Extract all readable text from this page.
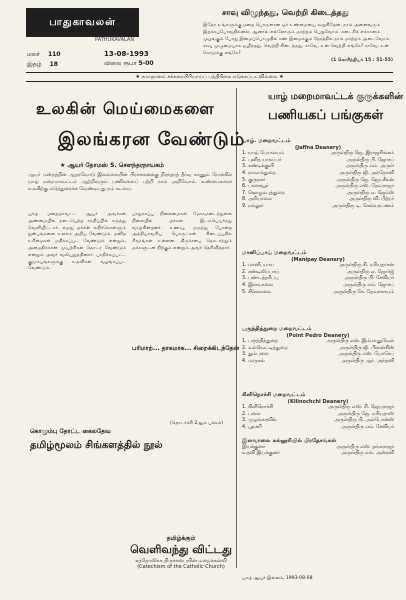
பாதுகாவலன்
PATHUKAVALAN
மலர் 110
இதழ் 18
13-08-1993
விலை ரூபா 5-00
சாவு விழுந்தது, வெற்றி கிடைத்தது
இதோ உங்களுக்கு மறை பொருளான ஓர் உண்மையை கூறுகிறேன். நாம் அனைவரும் இறக்கப்போவதில்லை. ஆனால் எல்லோரும் மாற்றம் பெறுவோம். கடைசிக் எக்காளம் முழங்கும் போது இமைப்பொழுதில் கண் இமைக்கும் நேரத்தில் நாம் மாற்றம் அடைவோம். சாவு முழுமையாக ஒழிந்தது. வெற்றி கிடைத்தது. சாவே, உன் வெற்றி எங்கே? சாவே, உன் கொடுக்கு எங்கே?
(1 கொரிந்தியர் 15 : 51-55)
★ சமாதானம் சக்கரைபிரியாய்ப் பத்திரிகை எடுக்கப்படவில்லை ★
உலகின் மெய்மைகளை
இலங்கரன வேண்டும்
★ ஆயர் தோமஸ் S. செளந்தரநாயகம்
ஆயர் மன்றத்தின் ஆதரவோடு இலங்கையின் பிரச்சனைக்கு நிரந்தரத் தீர்வு காணும் நோக்கில் யாழ் மறைமாவட்டம் ஆற்றிவரும் பணிகளைப் பற்றி நாம் அறிவோம். உண்மைகளை உலகிற்கு எடுத்துரைக்க வேண்டியது நம் கடமை.
யாழ் மறைமாவட்ட ஆயர் அவர்கள் அண்மையில் நடைபெற்ற சந்திப்பில் கருத்து வெளியிட்டார். எமது மக்கள் எதிர்கொள்ளும் துன்பங்களை உலகம் அறிய வேண்டும். மனித உரிமைகள் மதிக்கப்பட வேண்டும் என்றும், அமைதிக்கான முயற்சிகள் தொடர வேண்டும் என்றும் அவர் வலியுறுத்தினார். பாதிக்கப்பட்ட குடும்பங்களுக்கு உதவிகள் வழங்கப்பட வேண்டும்.
பாதுகாப்பு நிலைமைகள் மோசமடைந்துள்ள நிலையில் மக்கள் இடம்பெயர்ந்து வாழ்கின்றனர். உணவு, மருந்து போன்ற அத்தியாவசிய பொருட்கள் கிடைப்பதில் சிரமங்கள் உள்ளன. திருச்சபை தொடர்ந்தும் மக்களுடன் நிற்கும் என்றும் அவர் தெரிவித்தார்.
பரிமாற்... தாகமாக... சிறைக்கிடந்தேன்
(தொடர்ச்சி 2ஆம் பக்கம்)
கொழும்பு தோட்ட கைலதேவ
தமிழ்மூலம் சிங்களத்தில் நூல்
தமிழ்க்கும்
வெளிவந்து விட்டது
கத்தோலிக்க திருச்சபையின் மறைக்கல்வி
(Catechism of the Catholic Church)
யாழ் மறைமாவட்டக் குருக்களின்
பணியகப் பங்குகள்
யாழ். மறைவட்டம்
(Jaffna Deanery)
1. யாழ் பேராலயம்	அருள்திரு ஜெ. இராஜசிங்கம்
2. புனித யாகப்பர்	அருள்திரு பி. ஜோசப்
3. சுண்டிக்குளி	அருள்திரு எம். அருள்
4. நாவாந்துறை	அருள்திரு ஜி. அந்தோனி
5. குருநகர்	அருள்திரு ஜே. ஜெயசீலன்
6. பாசையூர்	அருள்திரு எஸ். தேவராஜா
7. கொழும்புத்துறை	அருள்திரு ஏ. ஜேம்ஸ்
8. அரியாலை	அருள்திரு வி. பீற்றர்
9. நல்லூர்	அருள்திரு டி. செல்வரட்ணம்
மானிப்பாய் மறைவட்டம்
(Manipay Deanery)
1. மானிப்பாய்	அருள்திரு சி. மரியதாசன்
2. சண்டிலிப்பாய்	அருள்திரு ஏ. ஜோர்ஜ்
3. பண்டத்தரிப்பு	அருள்திரு பி. சேவியர்
4. இளவாலை	அருள்திரு எம். ஜோசப்
5. சில்லாலை	அருள்திரு கே. தேவசகாயம்
பருத்தித்துறை மறைவட்டம்
(Point Pedro Deanery)
1. பருத்தித்துறை	அருள்திரு என். இம்மானுவேல்
2. வல்வெட்டித்துறை	அருள்திரு ஜி. பிரான்சிஸ்
3. தும்பளை	அருள்திரு எஸ். யோசேப்
4. மாதகல்	அருள்திரு ஆர். அந்தனி
கிளிநொச்சி மறைவட்டம்
(Kilinochchi Deanery)
1. கிளிநொச்சி	அருள்திரு எஸ். சி. ஜெயராஜா
2. பளை	அருள்திரு ஜே. மரியதாஸ்
3. முழங்காவில்	அருள்திரு பி. அல்போன்ஸ்
4. பூநகரி	அருள்திரு எம். சேவியர்
இளவாலை கல்லூரியில் பிரதேசங்கள்
இயக்குனர்	அருள்திரு எஸ். தங்கராஜா
உதவி இயக்குனர்	அருள்திரு எல். அன்ரனி
யாழ் ஆயர் இல்லம், 1993-08-08
